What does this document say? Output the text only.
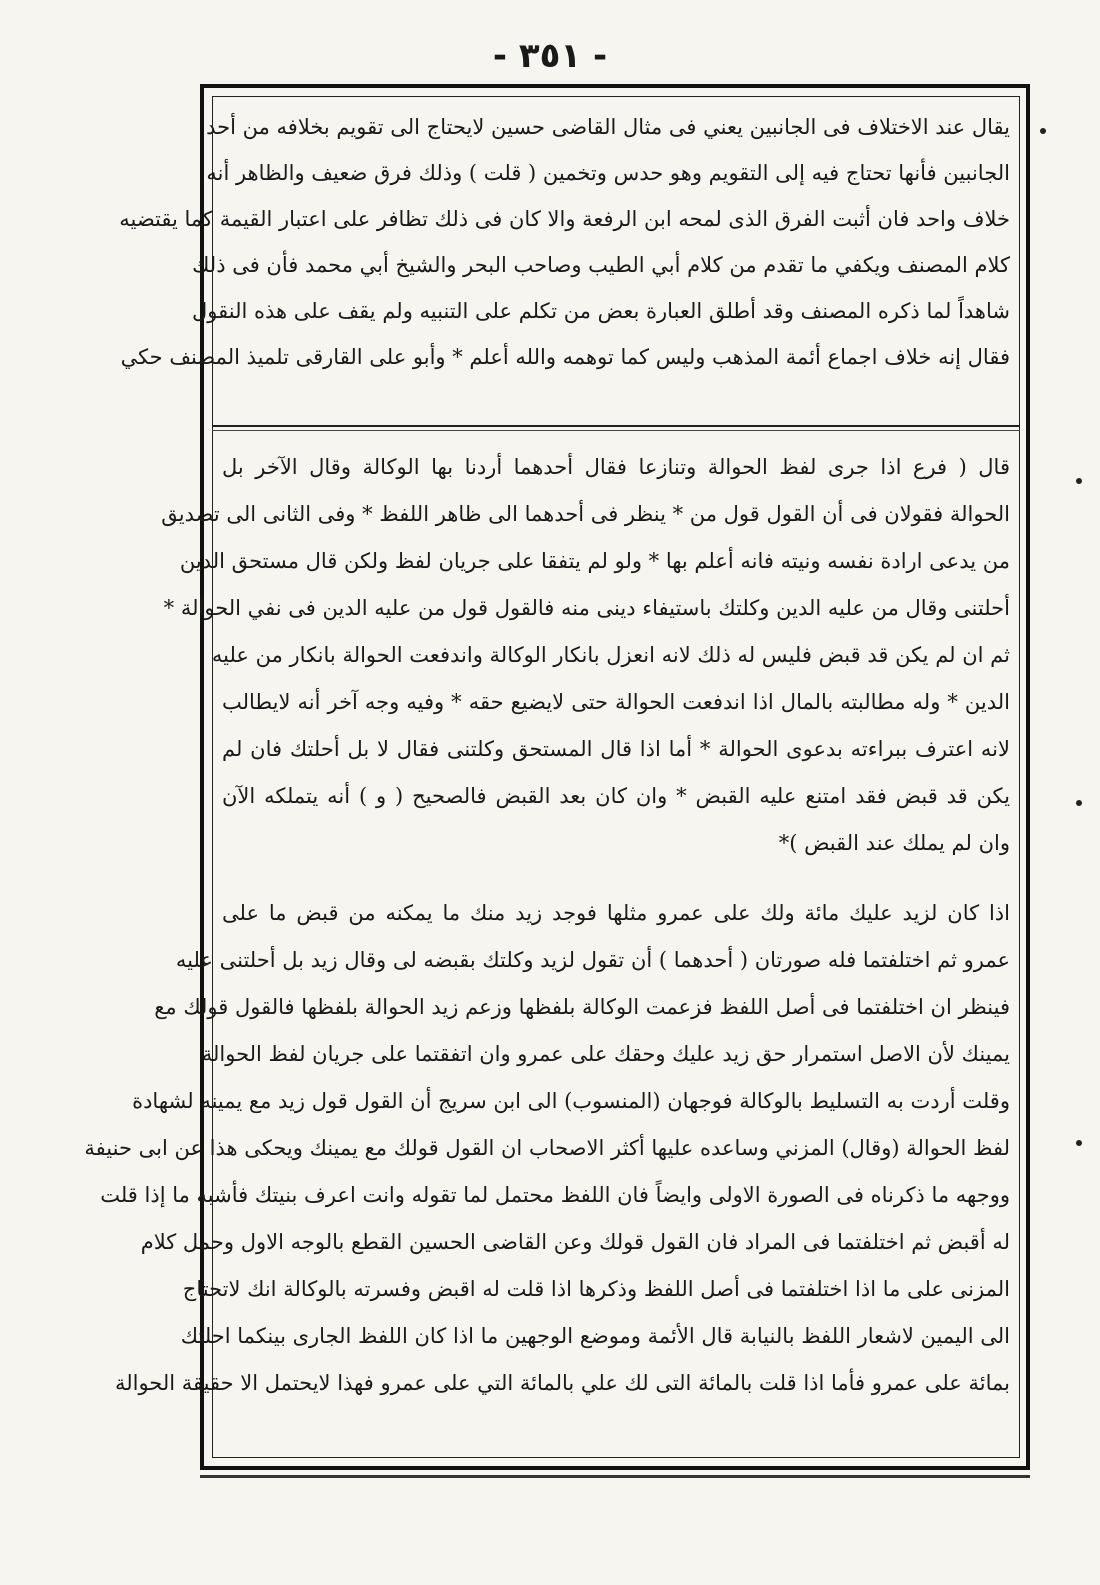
- ٣٥١ -
يقال عند الاختلاف فى الجانبين يعني فى مثال القاضى حسين لايحتاج الى تقويم بخلافه من أحد
الجانبين فأنها تحتاج فيه إلى التقويم وهو حدس وتخمين ( قلت ) وذلك فرق ضعيف والظاهر أنه
خلاف واحد فان أثبت الفرق الذى لمحه ابن الرفعة والا كان فى ذلك تظافر على اعتبار القيمة كما يقتضيه
كلام المصنف ويكفي ما تقدم من كلام أبي الطيب وصاحب البحر والشيخ أبي محمد فأن فى ذلك
شاهداً لما ذكره المصنف وقد أطلق العبارة بعض من تكلم على التنبيه ولم يقف على هذه النقول
فقال إنه خلاف اجماع أئمة المذهب وليس كما توهمه والله أعلم * وأبو على القارقى تلميذ المصنف حكي
قال ( فرع اذا جرى لفظ الحوالة وتنازعا فقال أحدهما أردنا بها الوكالة وقال الآخر بل
الحوالة فقولان فى أن القول قول من * ينظر فى أحدهما الى ظاهر اللفظ * وفى الثانى الى تصديق
من يدعى ارادة نفسه ونيته فانه أعلم بها * ولو لم يتفقا على جريان لفظ ولكن قال مستحق الدين
أحلتنى وقال من عليه الدين وكلتك باستيفاء دينى منه فالقول قول من عليه الدين فى نفي الحوالة *
ثم ان لم يكن قد قبض فليس له ذلك لانه انعزل بانكار الوكالة واندفعت الحوالة بانكار من عليه
الدين * وله مطالبته بالمال اذا اندفعت الحوالة حتى لايضيع حقه * وفيه وجه آخر أنه لايطالب
لانه اعترف ببراءته بدعوى الحوالة * أما اذا قال المستحق وكلتنى فقال لا بل أحلتك فان لم
يكن قد قبض فقد امتنع عليه القبض * وان كان بعد القبض فالصحيح ( و ) أنه يتملكه الآن
وان لم يملك عند القبض )*
اذا كان لزيد عليك مائة ولك على عمرو مثلها فوجد زيد منك ما يمكنه من قبض ما على
عمرو ثم اختلفتما فله صورتان ( أحدهما ) أن تقول لزيد وكلتك بقبضه لى وقال زيد بل أحلتنى عليه
فينظر ان اختلفتما فى أصل اللفظ فزعمت الوكالة بلفظها وزعم زيد الحوالة بلفظها فالقول قولك مع
يمينك لأن الاصل استمرار حق زيد عليك وحقك على عمرو وان اتفقتما على جريان لفظ الحوالة
وقلت أردت به التسليط بالوكالة فوجهان (المنسوب) الى ابن سريج أن القول قول زيد مع يمينه لشهادة
لفظ الحوالة (وقال) المزني وساعده عليها أكثر الاصحاب ان القول قولك مع يمينك ويحكى هذا عن ابى حنيفة
ووجهه ما ذكرناه فى الصورة الاولى وايضاً فان اللفظ محتمل لما تقوله وانت اعرف بنيتك فأشبه ما إذا قلت
له أقبض ثم اختلفتما فى المراد فان القول قولك وعن القاضى الحسين القطع بالوجه الاول وحمل كلام
المزنى على ما اذا اختلفتما فى أصل اللفظ وذكرها اذا قلت له اقبض وفسرته بالوكالة انك لاتحتاج
الى اليمين لاشعار اللفظ بالنيابة قال الأئمة وموضع الوجهين ما اذا كان اللفظ الجارى بينكما احلتك
بمائة على عمرو فأما اذا قلت بالمائة التى لك علي بالمائة التي على عمرو فهذا لايحتمل الا حقيقة الحوالة
